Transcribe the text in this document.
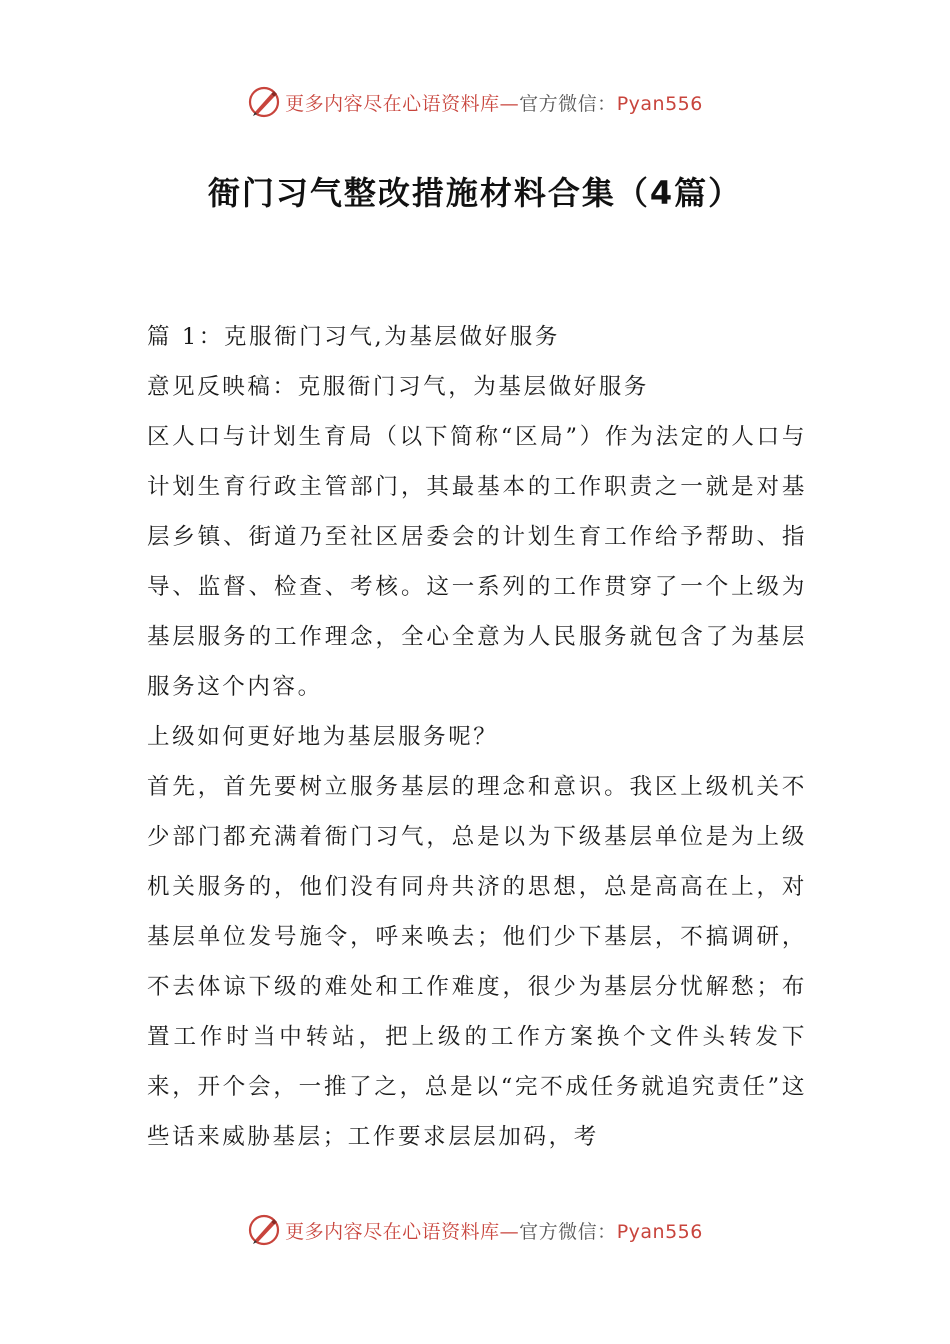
更多内容尽在心语资料库—官方微信：Pyan556
衙门习气整改措施材料合集（4篇）

篇 1：克服衙门习气,为基层做好服务

意见反映稿：克服衙门习气，为基层做好服务

区人口与计划生育局（以下简称“区局”）作为法定的人口与计划生育行政主管部门，其最基本的工作职责之一就是对基层乡镇、街道乃至社区居委会的计划生育工作给予帮助、指导、监督、检查、考核。这一系列的工作贯穿了一个上级为基层服务的工作理念，全心全意为人民服务就包含了为基层服务这个内容。

上级如何更好地为基层服务呢？

首先，首先要树立服务基层的理念和意识。我区上级机关不少部门都充满着衙门习气，总是以为下级基层单位是为上级机关服务的，他们没有同舟共济的思想，总是高高在上，对基层单位发号施令，呼来唤去；他们少下基层，不搞调研，不去体谅下级的难处和工作难度，很少为基层分忧解愁；布置工作时当中转站，把上级的工作方案换个文件头转发下来，开个会，一推了之，总是以“完不成任务就追究责任”这些话来威胁基层；工作要求层层加码，考

更多内容尽在心语资料库—官方微信：Pyan556
